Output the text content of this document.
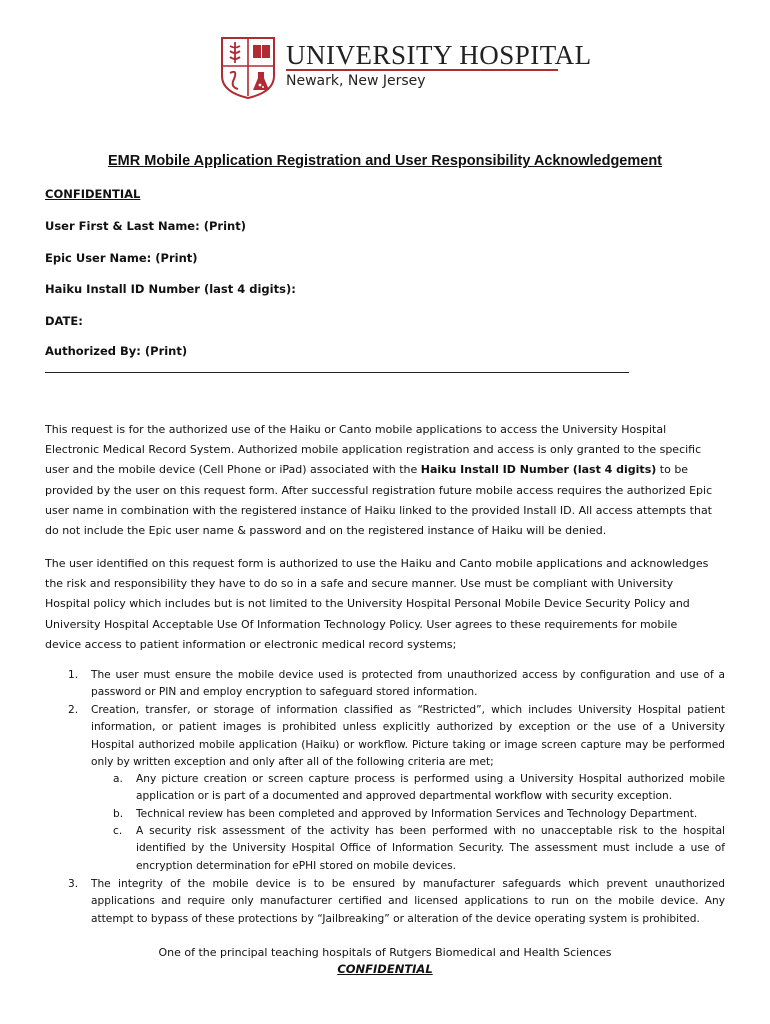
UNIVERSITY HOSPITAL
Newark, New Jersey
EMR Mobile Application Registration and User Responsibility Acknowledgement
CONFIDENTIAL
User First & Last Name: (Print)
Epic User Name: (Print)
Haiku Install ID Number (last 4 digits):
DATE:
Authorized By: (Print)

This request is for the authorized use of the Haiku or Canto mobile applications to access the University Hospital Electronic Medical Record System. Authorized mobile application registration and access is only granted to the specific user and the mobile device (Cell Phone or iPad) associated with the Haiku Install ID Number (last 4 digits) to be provided by the user on this request form. After successful registration future mobile access requires the authorized Epic user name in combination with the registered instance of Haiku linked to the provided Install ID. All access attempts that do not include the Epic user name & password and on the registered instance of Haiku will be denied.

The user identified on this request form is authorized to use the Haiku and Canto mobile applications and acknowledges the risk and responsibility they have to do so in a safe and secure manner. Use must be compliant with University Hospital policy which includes but is not limited to the University Hospital Personal Mobile Device Security Policy and University Hospital Acceptable Use Of Information Technology Policy. User agrees to these requirements for mobile device access to patient information or electronic medical record systems;

1. The user must ensure the mobile device used is protected from unauthorized access by configuration and use of a password or PIN and employ encryption to safeguard stored information.
2. Creation, transfer, or storage of information classified as “Restricted”, which includes University Hospital patient information, or patient images is prohibited unless explicitly authorized by exception or the use of a University Hospital authorized mobile application (Haiku) or workflow. Picture taking or image screen capture may be performed only by written exception and only after all of the following criteria are met;
a. Any picture creation or screen capture process is performed using a University Hospital authorized mobile application or is part of a documented and approved departmental workflow with security exception.
b. Technical review has been completed and approved by Information Services and Technology Department.
c. A security risk assessment of the activity has been performed with no unacceptable risk to the hospital identified by the University Hospital Office of Information Security. The assessment must include a use of encryption determination for ePHI stored on mobile devices.
3. The integrity of the mobile device is to be ensured by manufacturer safeguards which prevent unauthorized applications and require only manufacturer certified and licensed applications to run on the mobile device. Any attempt to bypass of these protections by “Jailbreaking” or alteration of the device operating system is prohibited.
One of the principal teaching hospitals of Rutgers Biomedical and Health Sciences
CONFIDENTIAL
